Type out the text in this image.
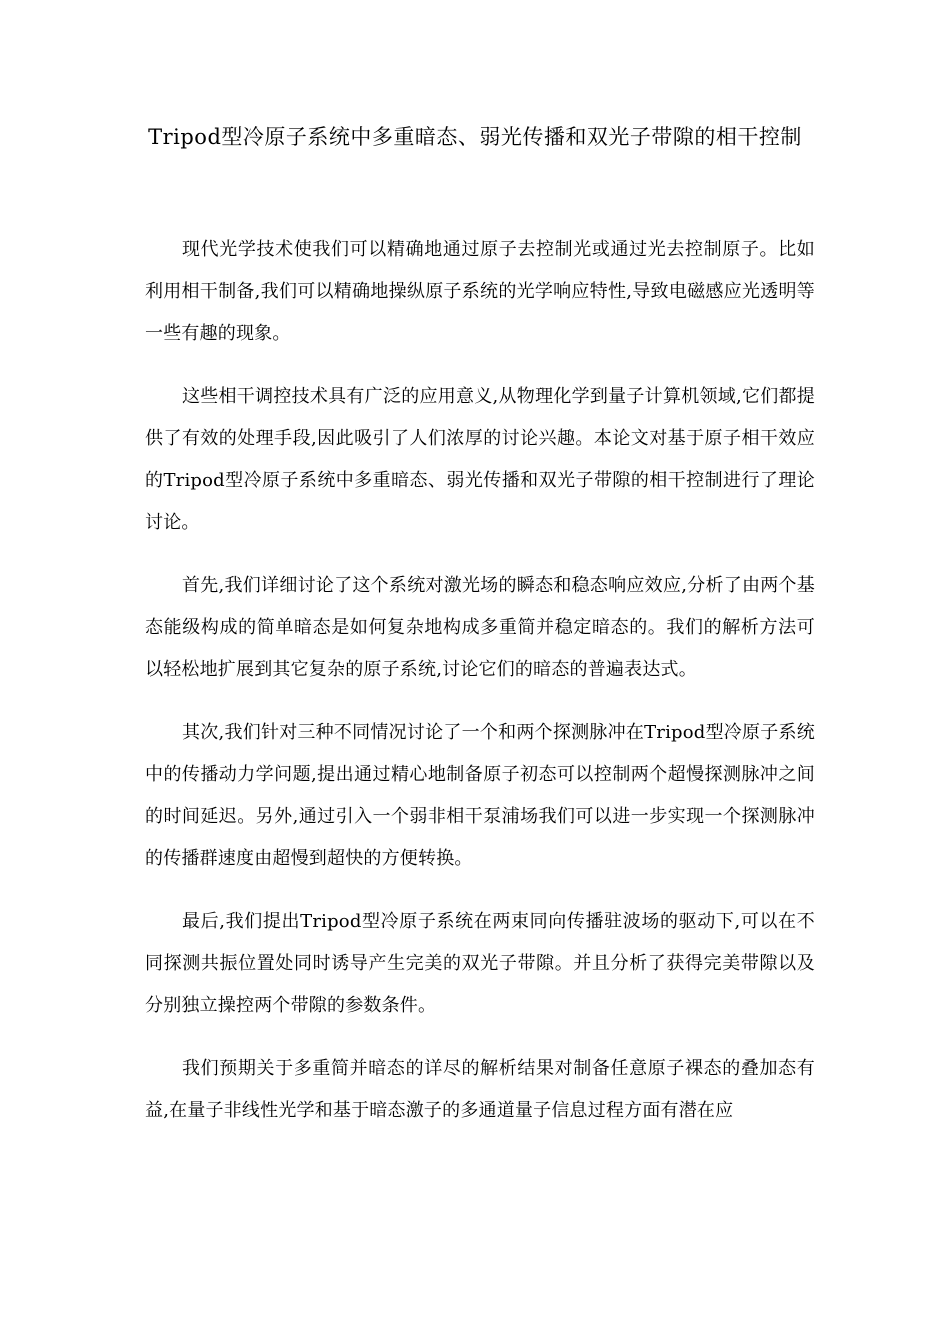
Tripod型冷原子系统中多重暗态、弱光传播和双光子带隙的相干控制

现代光学技术使我们可以精确地通过原子去控制光或通过光去控制原子。比如利用相干制备,我们可以精确地操纵原子系统的光学响应特性,导致电磁感应光透明等一些有趣的现象。

这些相干调控技术具有广泛的应用意义,从物理化学到量子计算机领域,它们都提供了有效的处理手段,因此吸引了人们浓厚的讨论兴趣。本论文对基于原子相干效应的Tripod型冷原子系统中多重暗态、弱光传播和双光子带隙的相干控制进行了理论讨论。

首先,我们详细讨论了这个系统对激光场的瞬态和稳态响应效应,分析了由两个基态能级构成的简单暗态是如何复杂地构成多重简并稳定暗态的。我们的解析方法可以轻松地扩展到其它复杂的原子系统,讨论它们的暗态的普遍表达式。

其次,我们针对三种不同情况讨论了一个和两个探测脉冲在Tripod型冷原子系统中的传播动力学问题,提出通过精心地制备原子初态可以控制两个超慢探测脉冲之间的时间延迟。另外,通过引入一个弱非相干泵浦场我们可以进一步实现一个探测脉冲的传播群速度由超慢到超快的方便转换。

最后,我们提出Tripod型冷原子系统在两束同向传播驻波场的驱动下,可以在不同探测共振位置处同时诱导产生完美的双光子带隙。并且分析了获得完美带隙以及分别独立操控两个带隙的参数条件。

我们预期关于多重简并暗态的详尽的解析结果对制备任意原子裸态的叠加态有益,在量子非线性光学和基于暗态激子的多通道量子信息过程方面有潜在应
